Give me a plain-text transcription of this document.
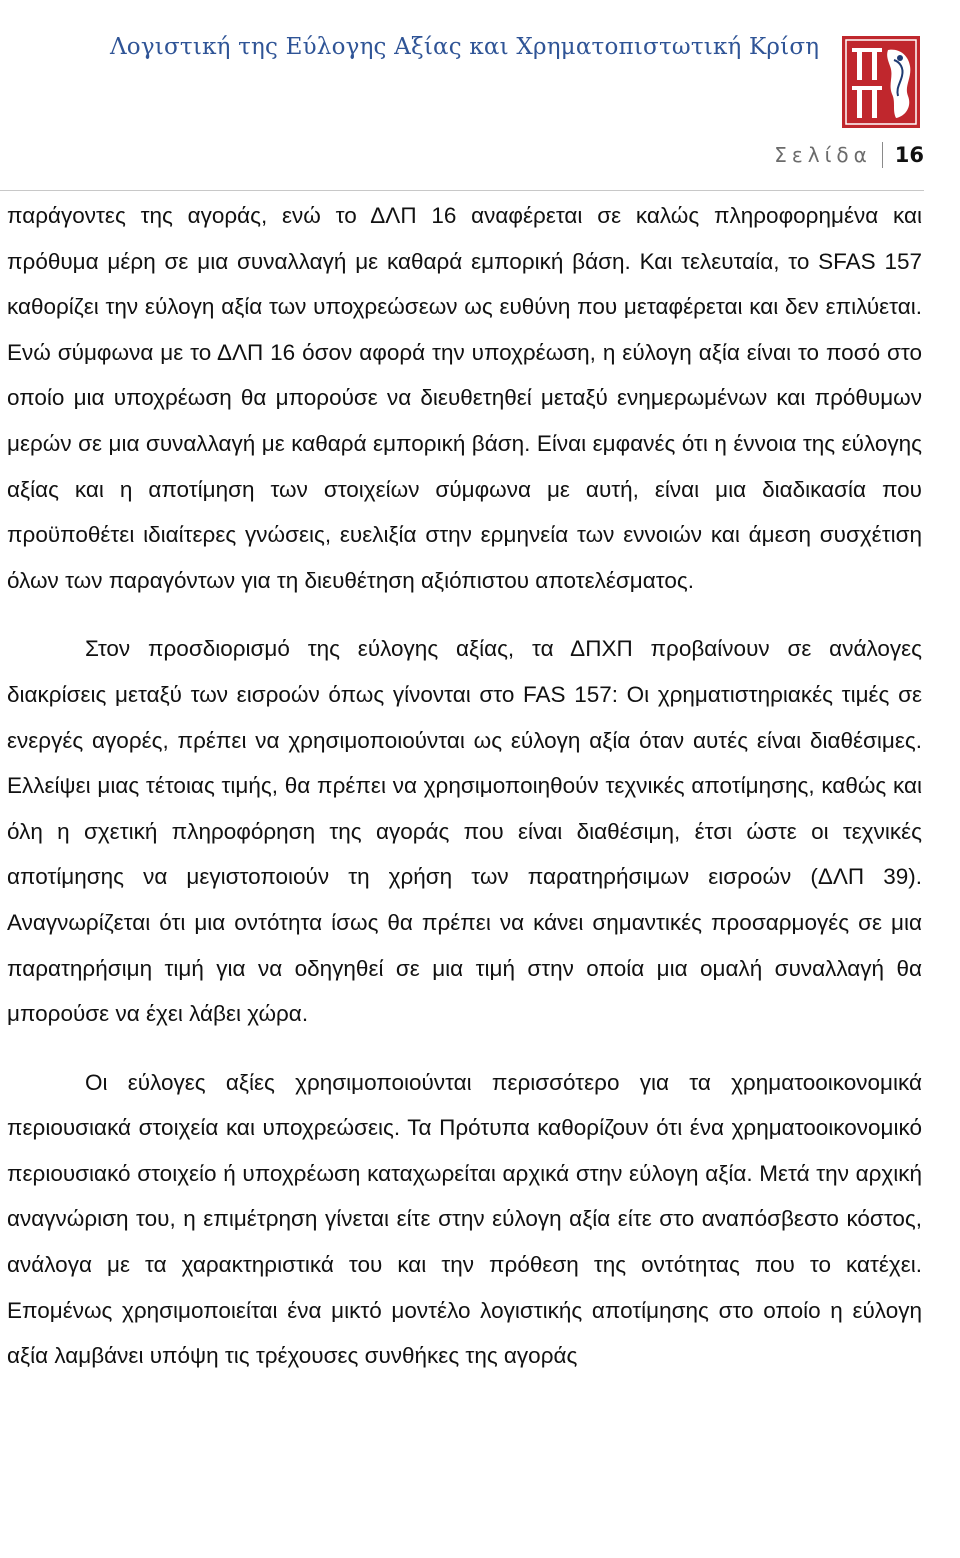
Λογιστική της Εύλογης Αξίας και Χρηματοπιστωτική Κρίση
Σελίδα	16

παράγοντες της αγοράς, ενώ το ΔΛΠ 16 αναφέρεται σε καλώς πληροφορημένα και πρόθυμα μέρη σε μια συναλλαγή με καθαρά εμπορική βάση. Και τελευταία, το SFAS 157 καθορίζει την εύλογη αξία των υποχρεώσεων ως ευθύνη που μεταφέρεται και δεν επιλύεται. Ενώ σύμφωνα με το ΔΛΠ 16 όσον αφορά την υποχρέωση, η εύλογη αξία είναι το ποσό στο οποίο μια υποχρέωση θα μπορούσε να διευθετηθεί μεταξύ ενημερωμένων και πρόθυμων μερών σε μια συναλλαγή με καθαρά εμπορική βάση. Είναι εμφανές ότι η έννοια της εύλογης αξίας και η αποτίμηση των στοιχείων σύμφωνα με αυτή, είναι μια διαδικασία που προϋποθέτει ιδιαίτερες γνώσεις, ευελιξία στην ερμηνεία των εννοιών και άμεση συσχέτιση όλων των παραγόντων για τη διευθέτηση αξιόπιστου αποτελέσματος.

Στον προσδιορισμό της εύλογης αξίας, τα ΔΠΧΠ προβαίνουν σε ανάλογες διακρίσεις μεταξύ των εισροών όπως γίνονται στο FAS 157: Οι χρηματιστηριακές τιμές σε ενεργές αγορές, πρέπει να χρησιμοποιούνται ως εύλογη αξία όταν αυτές είναι διαθέσιμες. Ελλείψει μιας τέτοιας τιμής, θα πρέπει να χρησιμοποιηθούν τεχνικές αποτίμησης, καθώς και όλη η σχετική πληροφόρηση της αγοράς που είναι διαθέσιμη, έτσι ώστε οι τεχνικές αποτίμησης να μεγιστοποιούν τη χρήση των παρατηρήσιμων εισροών (ΔΛΠ 39). Αναγνωρίζεται ότι μια οντότητα ίσως θα πρέπει να κάνει σημαντικές προσαρμογές σε μια παρατηρήσιμη τιμή για να οδηγηθεί σε μια τιμή στην οποία μια ομαλή συναλλαγή θα μπορούσε να έχει λάβει χώρα.

Οι εύλογες αξίες χρησιμοποιούνται περισσότερο για τα χρηματοοικονομικά περιουσιακά στοιχεία και υποχρεώσεις. Τα Πρότυπα καθορίζουν ότι ένα χρηματοοικονομικό περιουσιακό στοιχείο ή υποχρέωση καταχωρείται αρχικά στην εύλογη αξία. Μετά την αρχική αναγνώριση του, η επιμέτρηση γίνεται είτε στην εύλογη αξία είτε στο αναπόσβεστο κόστος, ανάλογα με τα χαρακτηριστικά του και την πρόθεση της οντότητας που το κατέχει. Επομένως χρησιμοποιείται ένα μικτό μοντέλο λογιστικής αποτίμησης στο οποίο η εύλογη αξία λαμβάνει υπόψη τις τρέχουσες συνθήκες της αγοράς
